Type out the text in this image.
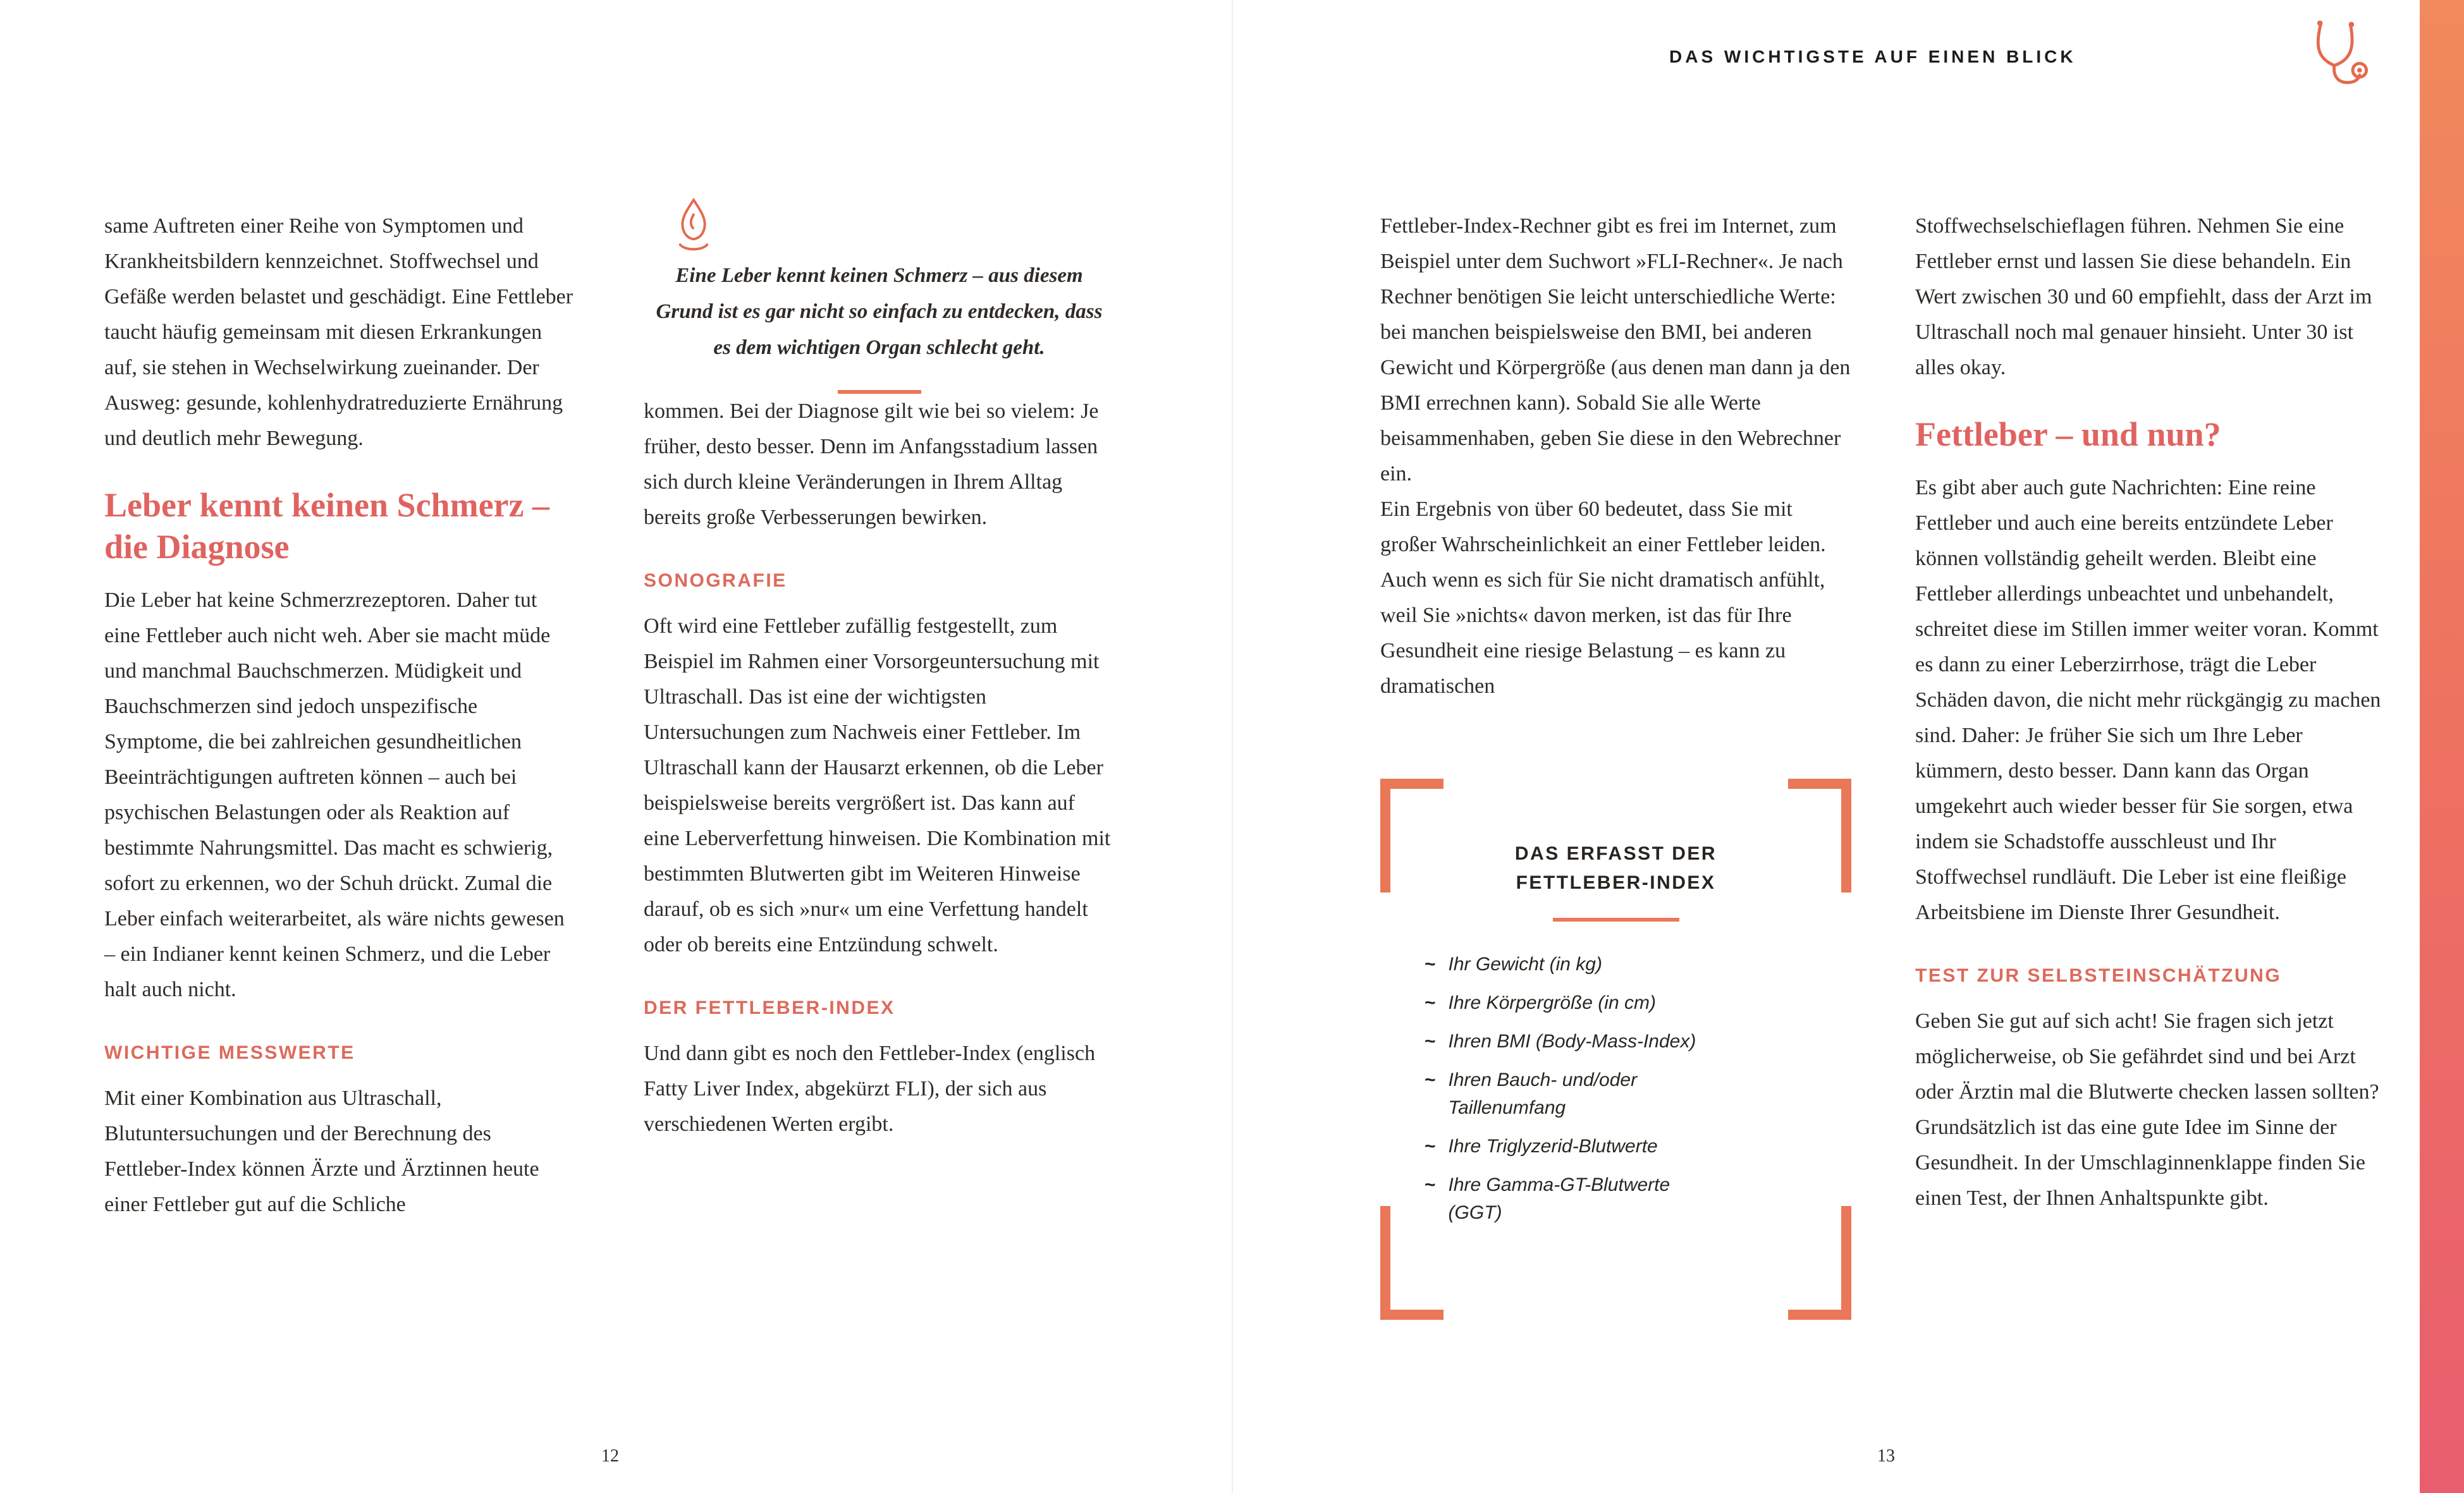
DAS WICHTIGSTE AUF EINEN BLICK

same Auftreten einer Reihe von Symptomen und Krankheitsbildern kennzeichnet. Stoffwechsel und Gefäße werden belastet und geschädigt. Eine Fettleber taucht häufig gemeinsam mit diesen Erkrankungen auf, sie stehen in Wechselwirkung zueinander. Der Ausweg: gesunde, kohlenhydratreduzierte Ernährung und deutlich mehr Bewegung.

Leber kennt keinen Schmerz – die Diagnose

Die Leber hat keine Schmerzrezeptoren. Daher tut eine Fettleber auch nicht weh. Aber sie macht müde und manchmal Bauchschmerzen. Müdigkeit und Bauchschmerzen sind jedoch unspezifische Symptome, die bei zahlreichen gesundheitlichen Beeinträchtigungen auftreten können – auch bei psychischen Belastungen oder als Reaktion auf bestimmte Nahrungsmittel. Das macht es schwierig, sofort zu erkennen, wo der Schuh drückt. Zumal die Leber einfach weiterarbeitet, als wäre nichts gewesen – ein Indianer kennt keinen Schmerz, und die Leber halt auch nicht.

WICHTIGE MESSWERTE

Mit einer Kombination aus Ultraschall, Blutuntersuchungen und der Berechnung des Fettleber-Index können Ärzte und Ärztinnen heute einer Fettleber gut auf die Schliche

Eine Leber kennt keinen Schmerz – aus diesem Grund ist es gar nicht so einfach zu entdecken, dass es dem wichtigen Organ schlecht geht.

kommen. Bei der Diagnose gilt wie bei so vielem: Je früher, desto besser. Denn im Anfangsstadium lassen sich durch kleine Veränderungen in Ihrem Alltag bereits große Verbesserungen bewirken.

SONOGRAFIE

Oft wird eine Fettleber zufällig festgestellt, zum Beispiel im Rahmen einer Vorsorgeuntersuchung mit Ultraschall. Das ist eine der wichtigsten Untersuchungen zum Nachweis einer Fettleber. Im Ultraschall kann der Hausarzt erkennen, ob die Leber beispielsweise bereits vergrößert ist. Das kann auf eine Leberverfettung hinweisen. Die Kombination mit bestimmten Blutwerten gibt im Weiteren Hinweise darauf, ob es sich »nur« um eine Verfettung handelt oder ob bereits eine Entzündung schwelt.

DER FETTLEBER-INDEX

Und dann gibt es noch den Fettleber-Index (englisch Fatty Liver Index, abgekürzt FLI), der sich aus verschiedenen Werten ergibt.

Fettleber-Index-Rechner gibt es frei im Internet, zum Beispiel unter dem Suchwort »FLI-Rechner«. Je nach Rechner benötigen Sie leicht unterschiedliche Werte: bei manchen beispielsweise den BMI, bei anderen Gewicht und Körpergröße (aus denen man dann ja den BMI errechnen kann). Sobald Sie alle Werte beisammenhaben, geben Sie diese in den Webrechner ein.

Ein Ergebnis von über 60 bedeutet, dass Sie mit großer Wahrscheinlichkeit an einer Fettleber leiden. Auch wenn es sich für Sie nicht dramatisch anfühlt, weil Sie »nichts« davon merken, ist das für Ihre Gesundheit eine riesige Belastung – es kann zu dramatischen

DAS ERFASST DER
FETTLEBER-INDEX
~ Ihr Gewicht (in kg)
~ Ihre Körpergröße (in cm)
~ Ihren BMI (Body-Mass-Index)
~ Ihren Bauch- und/oder Taillenumfang
~ Ihre Triglyzerid-Blutwerte
~ Ihre Gamma-GT-Blutwerte (GGT)

Stoffwechselschieflagen führen. Nehmen Sie eine Fettleber ernst und lassen Sie diese behandeln. Ein Wert zwischen 30 und 60 empfiehlt, dass der Arzt im Ultraschall noch mal genauer hinsieht. Unter 30 ist alles okay.

Fettleber – und nun?

Es gibt aber auch gute Nachrichten: Eine reine Fettleber und auch eine bereits entzündete Leber können vollständig geheilt werden. Bleibt eine Fettleber allerdings unbeachtet und unbehandelt, schreitet diese im Stillen immer weiter voran. Kommt es dann zu einer Leberzirrhose, trägt die Leber Schäden davon, die nicht mehr rückgängig zu machen sind. Daher: Je früher Sie sich um Ihre Leber kümmern, desto besser. Dann kann das Organ umgekehrt auch wieder besser für Sie sorgen, etwa indem sie Schadstoffe ausschleust und Ihr Stoffwechsel rundläuft. Die Leber ist eine fleißige Arbeitsbiene im Dienste Ihrer Gesundheit.

TEST ZUR SELBSTEINSCHÄTZUNG

Geben Sie gut auf sich acht! Sie fragen sich jetzt möglicherweise, ob Sie gefährdet sind und bei Arzt oder Ärztin mal die Blutwerte checken lassen sollten? Grundsätzlich ist das eine gute Idee im Sinne der Gesundheit. In der Umschlaginnenklappe finden Sie einen Test, der Ihnen Anhaltspunkte gibt.

12	13
